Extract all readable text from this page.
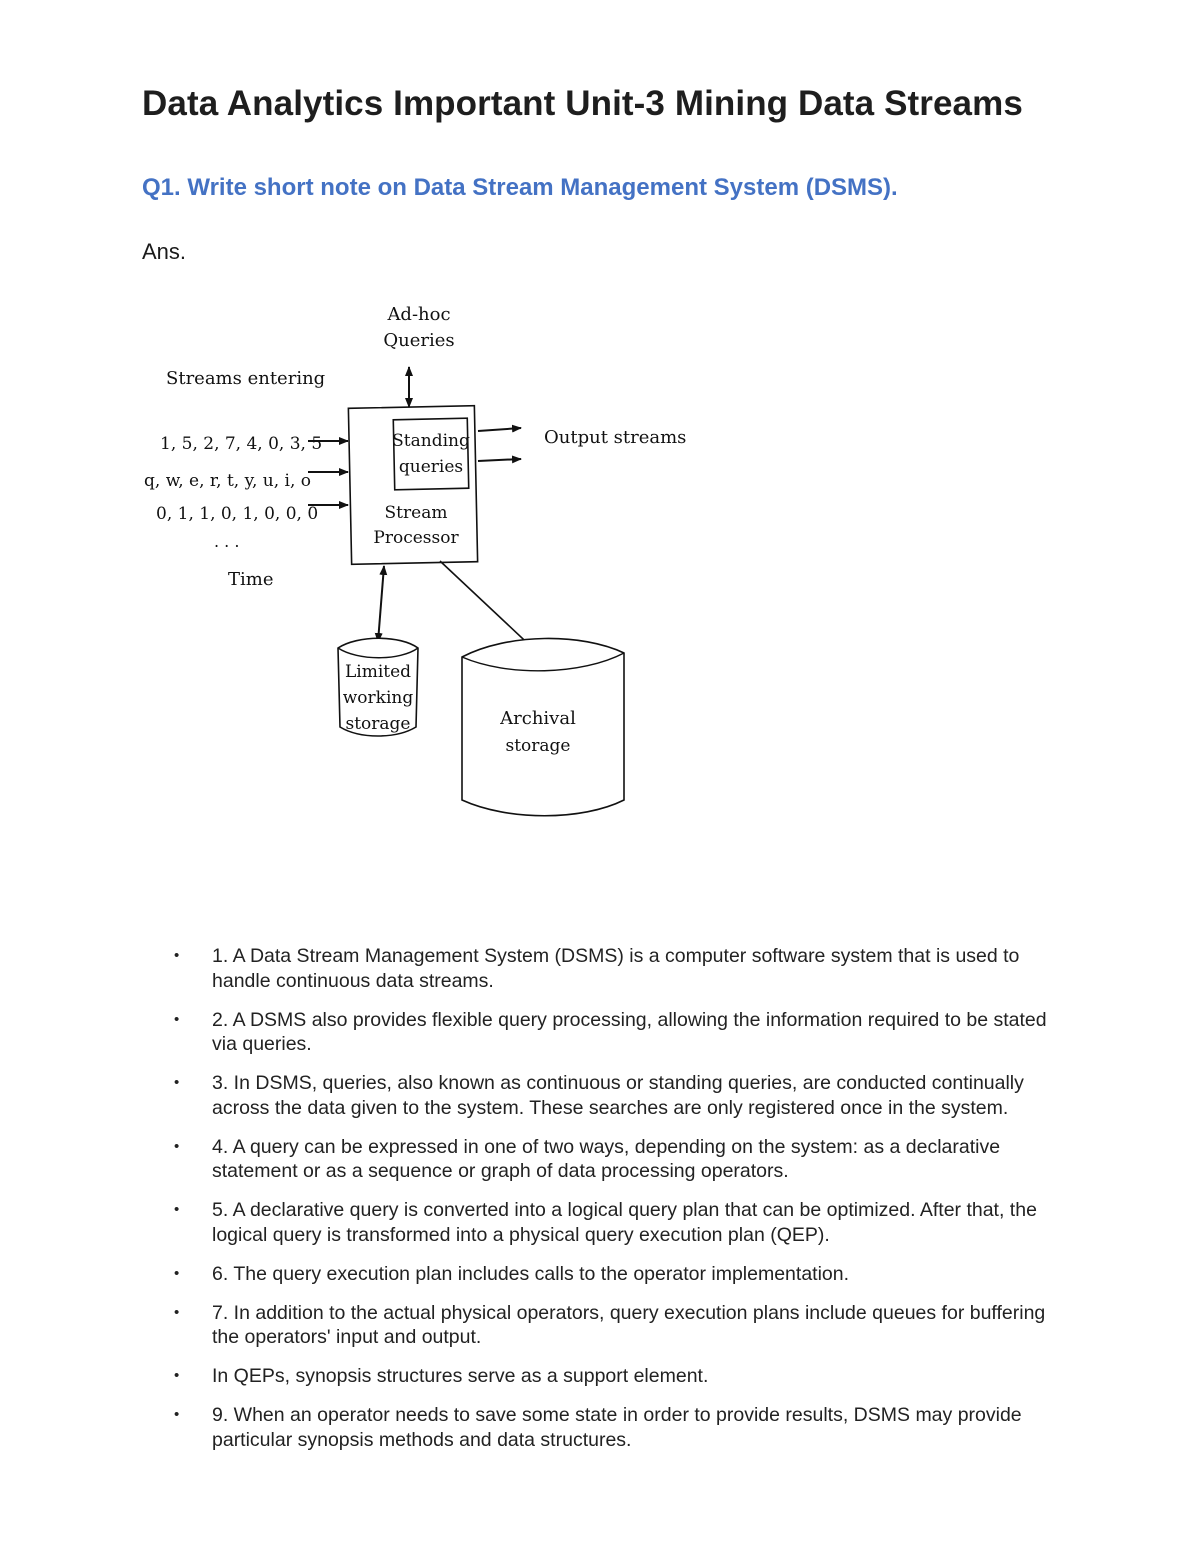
Data Analytics Important Unit-3 Mining Data Streams
Q1. Write short note on Data Stream Management System (DSMS).

Ans.

Ad-hoc
Queries
Streams entering
1, 5, 2, 7, 4, 0, 3, 5
q, w, e, r, t, y, u, i, o
0, 1, 1, 0, 1, 0, 0, 0
. . .
Time
Standing
queries
Stream
Processor
Output streams
Limited
working
storage	Archival
storage
• 1. A Data Stream Management System (DSMS) is a computer software system that is used to handle continuous data streams.
• 2. A DSMS also provides flexible query processing, allowing the information required to be stated via queries.
• 3. In DSMS, queries, also known as continuous or standing queries, are conducted continually across the data given to the system. These searches are only registered once in the system.
• 4. A query can be expressed in one of two ways, depending on the system: as a declarative statement or as a sequence or graph of data processing operators.
• 5. A declarative query is converted into a logical query plan that can be optimized. After that, the logical query is transformed into a physical query execution plan (QEP).
• 6. The query execution plan includes calls to the operator implementation.
• 7. In addition to the actual physical operators, query execution plans include queues for buffering the operators' input and output.
• In QEPs, synopsis structures serve as a support element.
• 9. When an operator needs to save some state in order to provide results, DSMS may provide particular synopsis methods and data structures.
